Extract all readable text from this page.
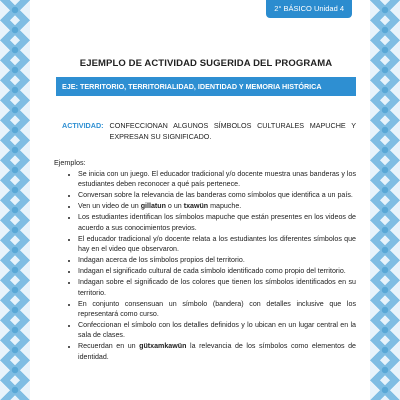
2° BÁSICO Unidad 4
EJEMPLO DE ACTIVIDAD SUGERIDA DEL PROGRAMA
EJE: TERRITORIO, TERRITORIALIDAD, IDENTIDAD Y MEMORIA HISTÓRICA
ACTIVIDAD: CONFECCIONAN ALGUNOS SÍMBOLOS CULTURALES MAPUCHE Y EXPRESAN SU SIGNIFICADO.
Ejemplos:
• Se inicia con un juego. El educador tradicional y/o docente muestra unas banderas y los estudiantes deben reconocer a qué país pertenece.
• Conversan sobre la relevancia de las banderas como símbolos que identifica a un país.
• Ven un video de un gillatun o un txawün mapuche.
• Los estudiantes identifican los símbolos mapuche que están presentes en los videos de acuerdo a sus conocimientos previos.
• El educador tradicional y/o docente relata a los estudiantes los diferentes símbolos que hay en el video que observaron.
• Indagan acerca de los símbolos propios del territorio.
• Indagan el significado cultural de cada símbolo identificado como propio del territorio.
• Indagan sobre el significado de los colores que tienen los símbolos identificados en su territorio.
• En conjunto consensuan un símbolo (bandera) con detalles inclusive que los representará como curso.
• Confeccionan el símbolo con los detalles definidos y lo ubican en un lugar central en la sala de clases.
• Recuerdan en un gütxamkawün la relevancia de los símbolos como elementos de identidad.
